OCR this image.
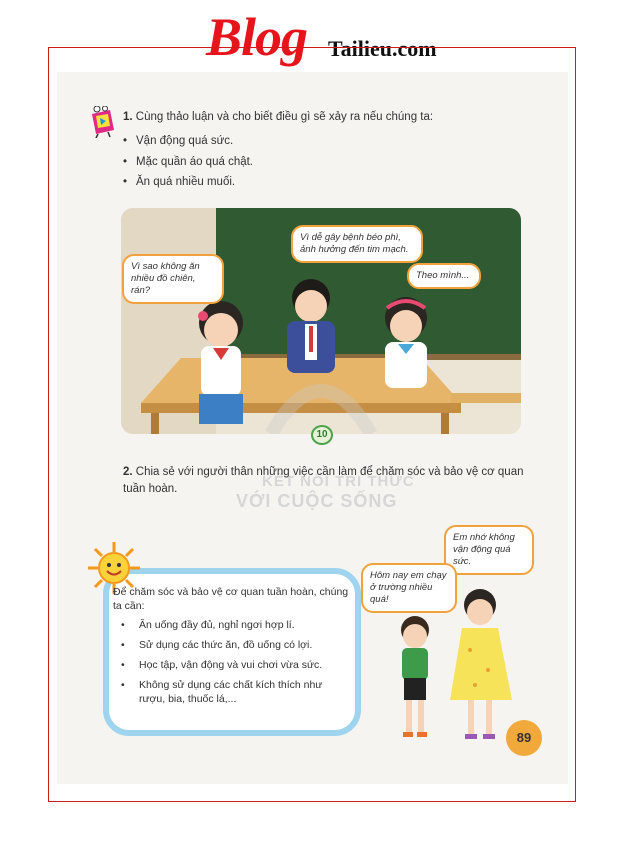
Blog Tailieu.com
1. Cùng thảo luận và cho biết điều gì sẽ xảy ra nếu chúng ta:
• Vận động quá sức.
• Mặc quần áo quá chật.
• Ăn quá nhiều muối.
Vì sao không ăn nhiều đồ chiên, rán?
Vì dễ gây bệnh béo phì, ảnh hưởng đến tim mạch.
Theo mình...
10
KẾT NỐI TRI THỨC
VỚI CUỘC SỐNG
2. Chia sẻ với người thân những việc cần làm để chăm sóc và bảo vệ cơ quan tuần hoàn.
Để chăm sóc và bảo vệ cơ quan tuần hoàn, chúng ta cần:
• Ăn uống đầy đủ, nghỉ ngơi hợp lí.
• Sử dụng các thức ăn, đồ uống có lợi.
• Học tập, vận động và vui chơi vừa sức.
• Không sử dụng các chất kích thích như rượu, bia, thuốc lá,...
Em nhớ không vận động quá sức.
Hôm nay em chạy ở trường nhiều quá!
89
